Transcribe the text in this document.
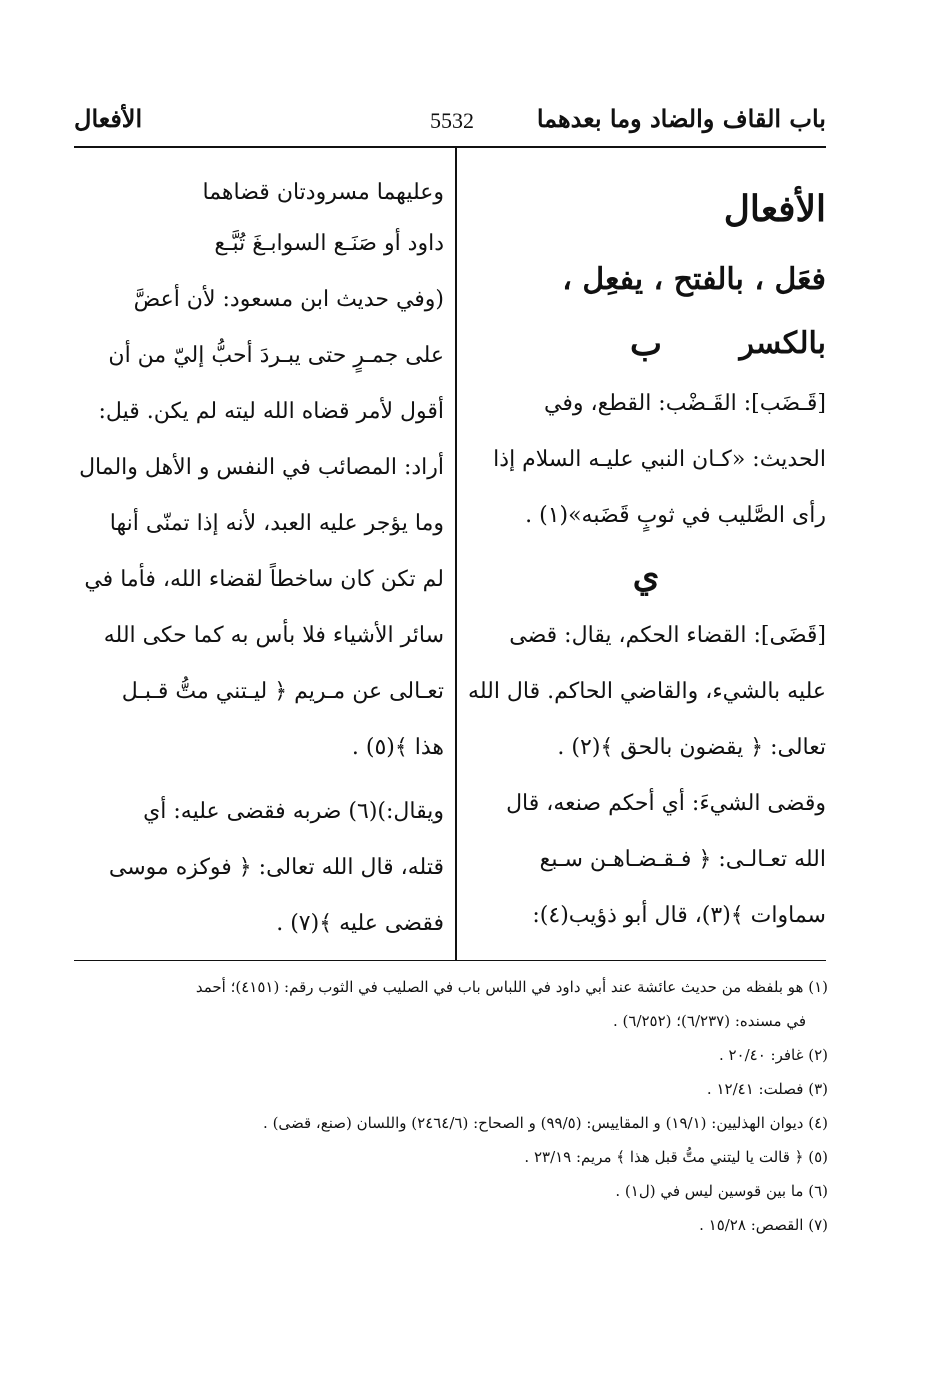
باب القاف والضاد وما بعدهما
5532
الأفعال
الأفعال
فعَل ، بالفتح ، يفعِل ، بالكسر
ب
[قَـضَب]: القَـضْب: القطع، وفي
الحديث: «كـان النبي عليـه السلام إذا
رأى الصَّليب في ثوبٍ قَضَبه»(١) .
ي
[قَضَى]: القضاء الحكم، يقال: قضى
عليه بالشيء، والقاضي الحاكم. قال الله
تعالى: ﴿ يقضون بالحق ﴾(٢) .
وقضى الشيءَ: أي أحكم صنعه، قال
الله تعـالـى: ﴿ فـقـضـاهـن سـبع
سماوات ﴾(٣)، قال أبو ذؤيب(٤):
وعليهما مسرودتان قضاهما
داود أو صَنَـع السوابـغَ تُبَّـع
(وفي حديث ابن مسعود: لأن أعضَّ
على جمـرٍ حتى يبـردَ أحبُّ إليّ من أن
أقول لأمر قضاه الله ليته لم يكن. قيل:
أراد: المصائب في النفس و الأهل والمال
وما يؤجر عليه العبد، لأنه إذا تمنّى أنها
لم تكن كان ساخطاً لقضاء الله، فأما في
سائر الأشياء فلا بأس به كما حكى الله
تعـالى عن مـريم ﴿ ليـتني متُّ قـبـل
هذا ﴾(٥) .
ويقال:)(٦) ضربه فقضى عليه: أي
قتله، قال الله تعالى: ﴿ فوكزه موسى
فقضى عليه ﴾(٧) .
(١) هو بلفظه من حديث عائشة عند أبي داود في اللباس باب في الصليب في الثوب رقم: (٤١٥١)؛ أحمد
في مسنده: (٦/٢٣٧)؛ (٦/٢٥٢) .
(٢) غافر: ٢٠/٤٠ .
(٣) فصلت: ١٢/٤١ .
(٤) ديوان الهذليين: (١٩/١) و المقاييس: (٩٩/٥) و الصحاح: (٢٤٦٤/٦) واللسان (صنع، قضى) .
(٥) ﴿ قالت يا ليتني متُّ قبل هذا ﴾ مريم: ٢٣/١٩ .
(٦) ما بين قوسين ليس في (ل١) .
(٧) القصص: ١٥/٢٨ .
